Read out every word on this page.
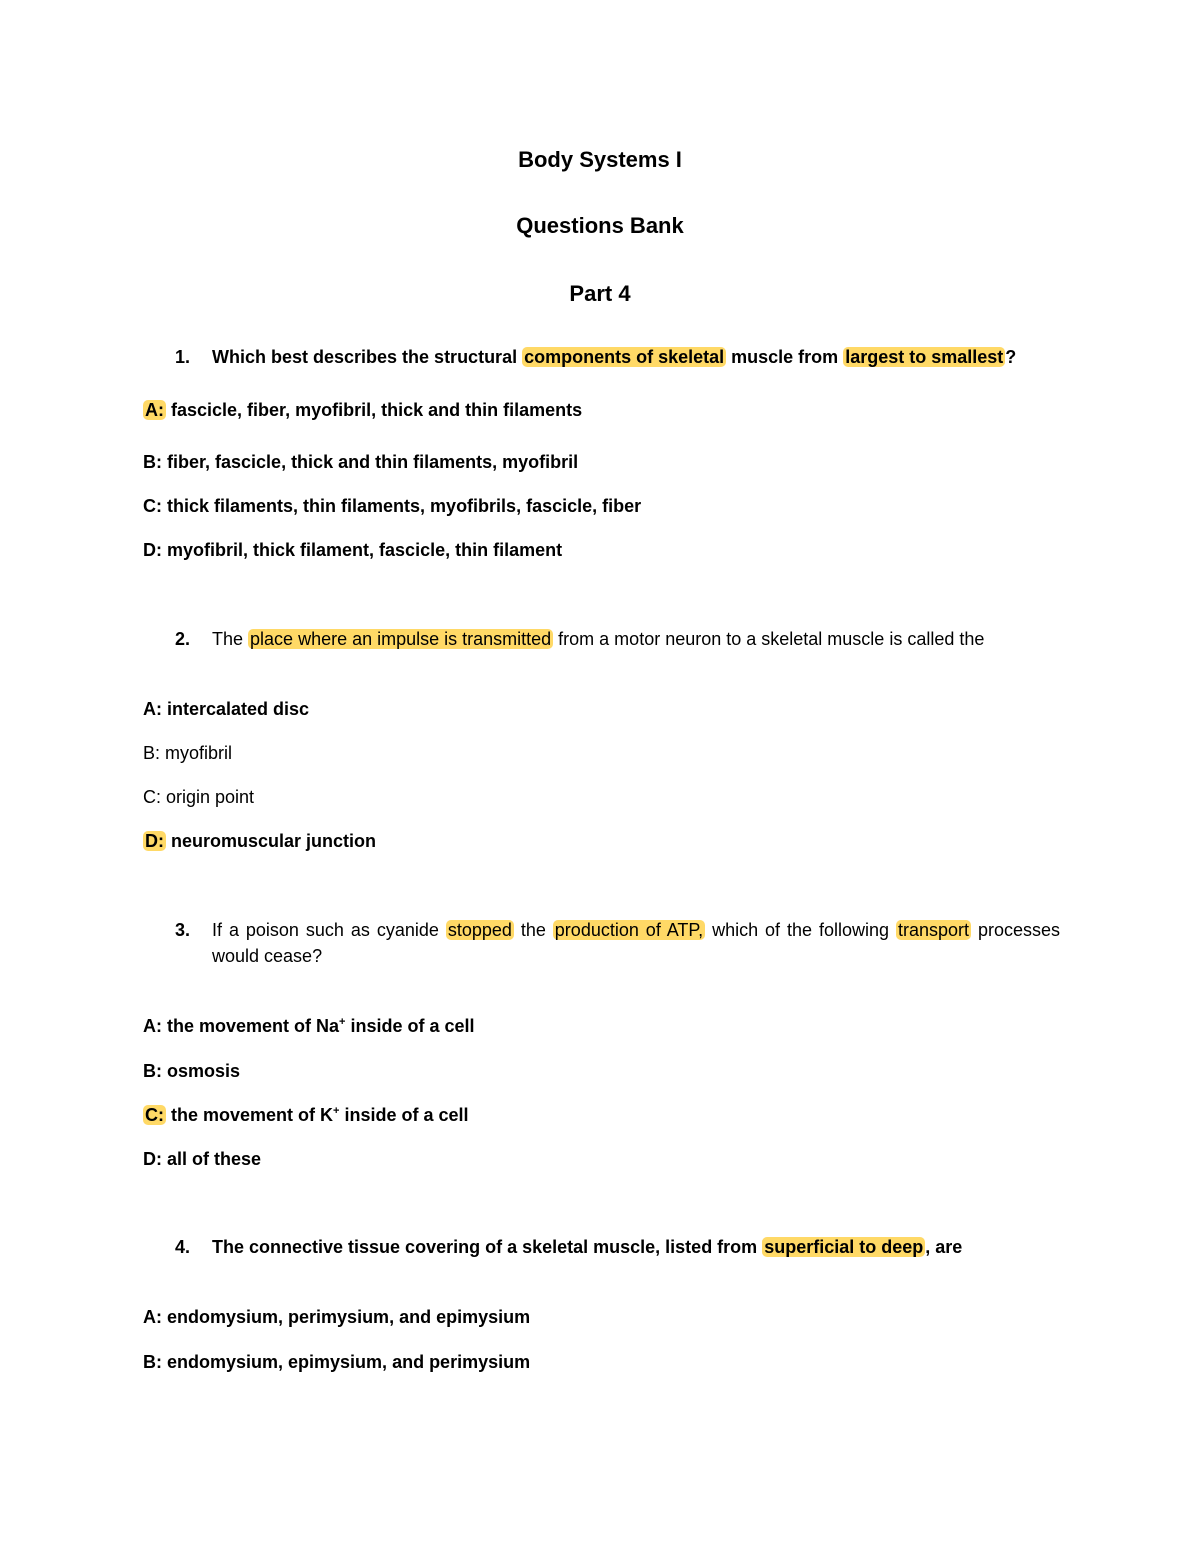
Body Systems I
Questions Bank
Part 4
1. Which best describes the structural components of skeletal muscle from largest to smallest ?
A: fascicle, fiber, myofibril, thick and thin filaments
B: fiber, fascicle, thick and thin filaments, myofibril
C: thick filaments, thin filaments, myofibrils, fascicle, fiber
D: myofibril, thick filament, fascicle, thin filament
2. The place where an impulse is transmitted from a motor neuron to a skeletal muscle is called the
A: intercalated disc
B: myofibril
C: origin point
D: neuromuscular junction
3. If a poison such as cyanide stopped the production of ATP, which of the following transport processes would cease?
A: the movement of Na+ inside of a cell
B: osmosis
C: the movement of K+ inside of a cell
D: all of these
4. The connective tissue covering of a skeletal muscle, listed from superficial to deep , are
A: endomysium, perimysium, and epimysium
B: endomysium, epimysium, and perimysium
